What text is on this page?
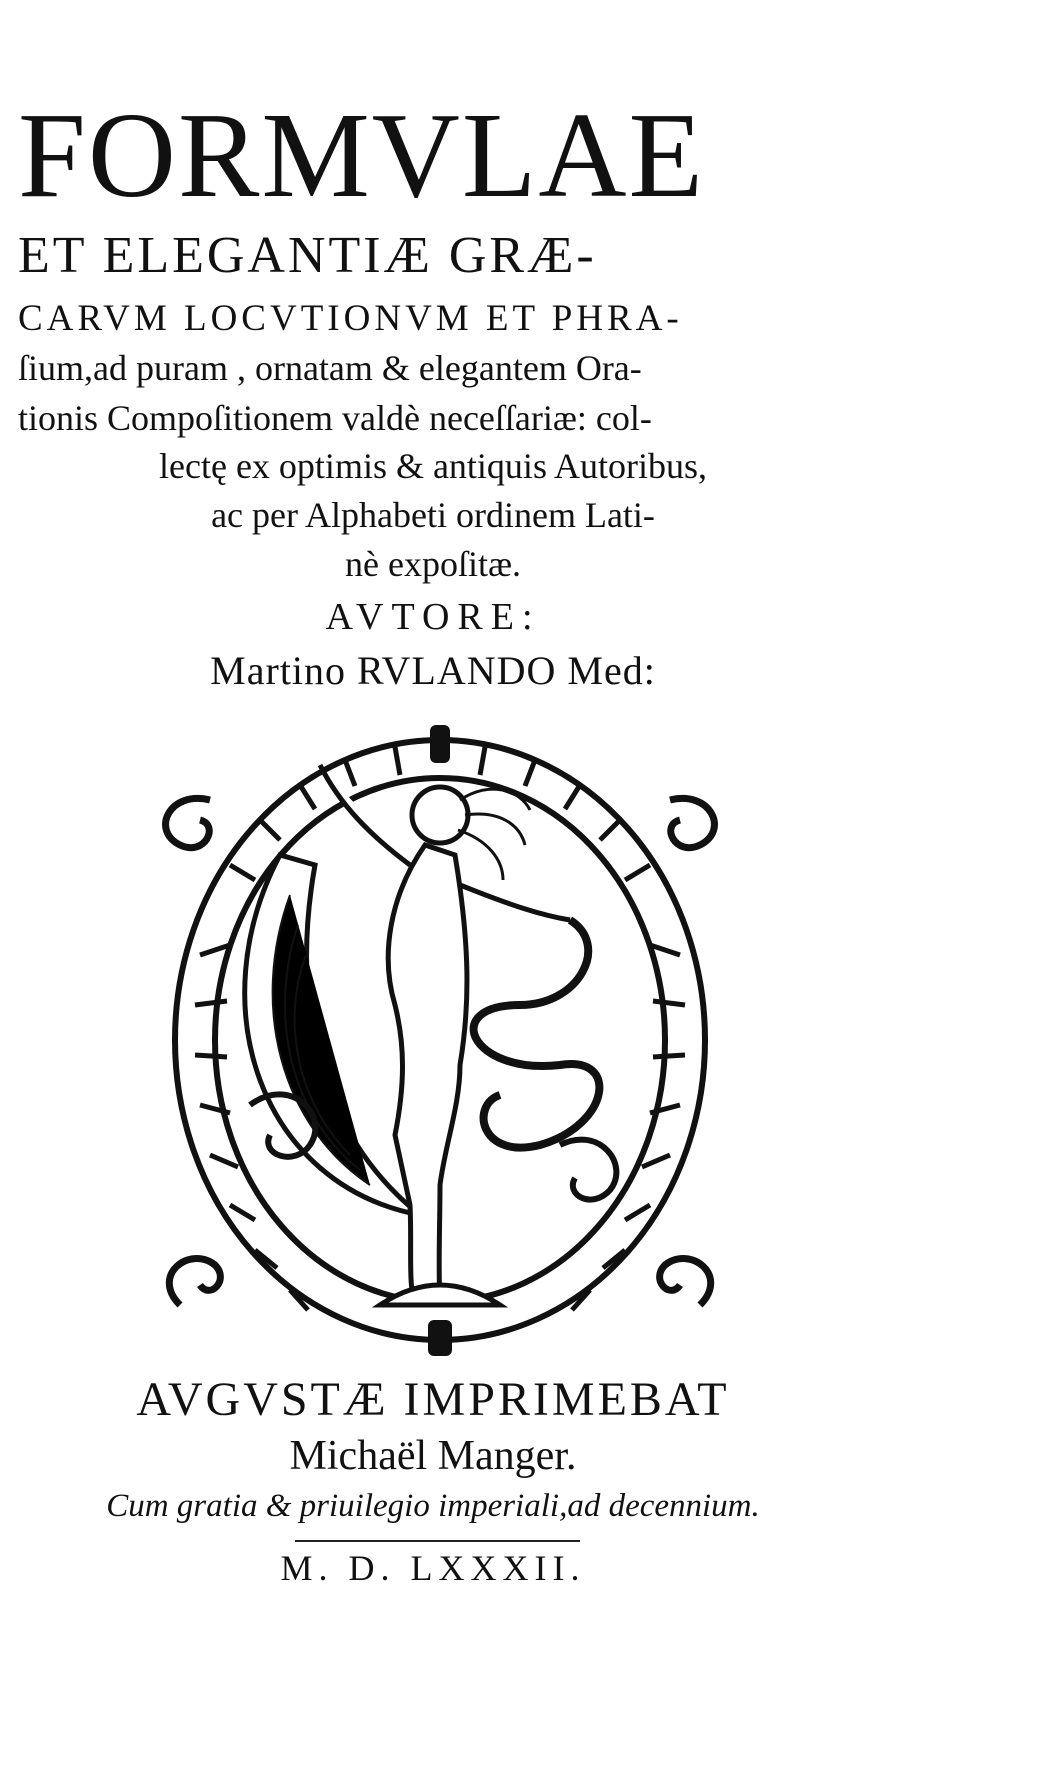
FORMVLAE
ET ELEGANTIÆ GRÆ-
CARVM LOCVTIONVM ET PHRA-
ſium,ad puram , ornatam & elegantem Ora-
tionis Compoſitionem valdè neceſſariæ: col-
lectę ex optimis & antiquis Autoribus,
ac per Alphabeti ordinem Lati-
nè expoſitæ.
AVTORE:
Martino RVLANDO Med:
AVGVSTÆ IMPRIMEBAT
Michaël Manger.
Cum gratia & priuilegio imperiali,ad decennium.
M. D. LXXXII.
